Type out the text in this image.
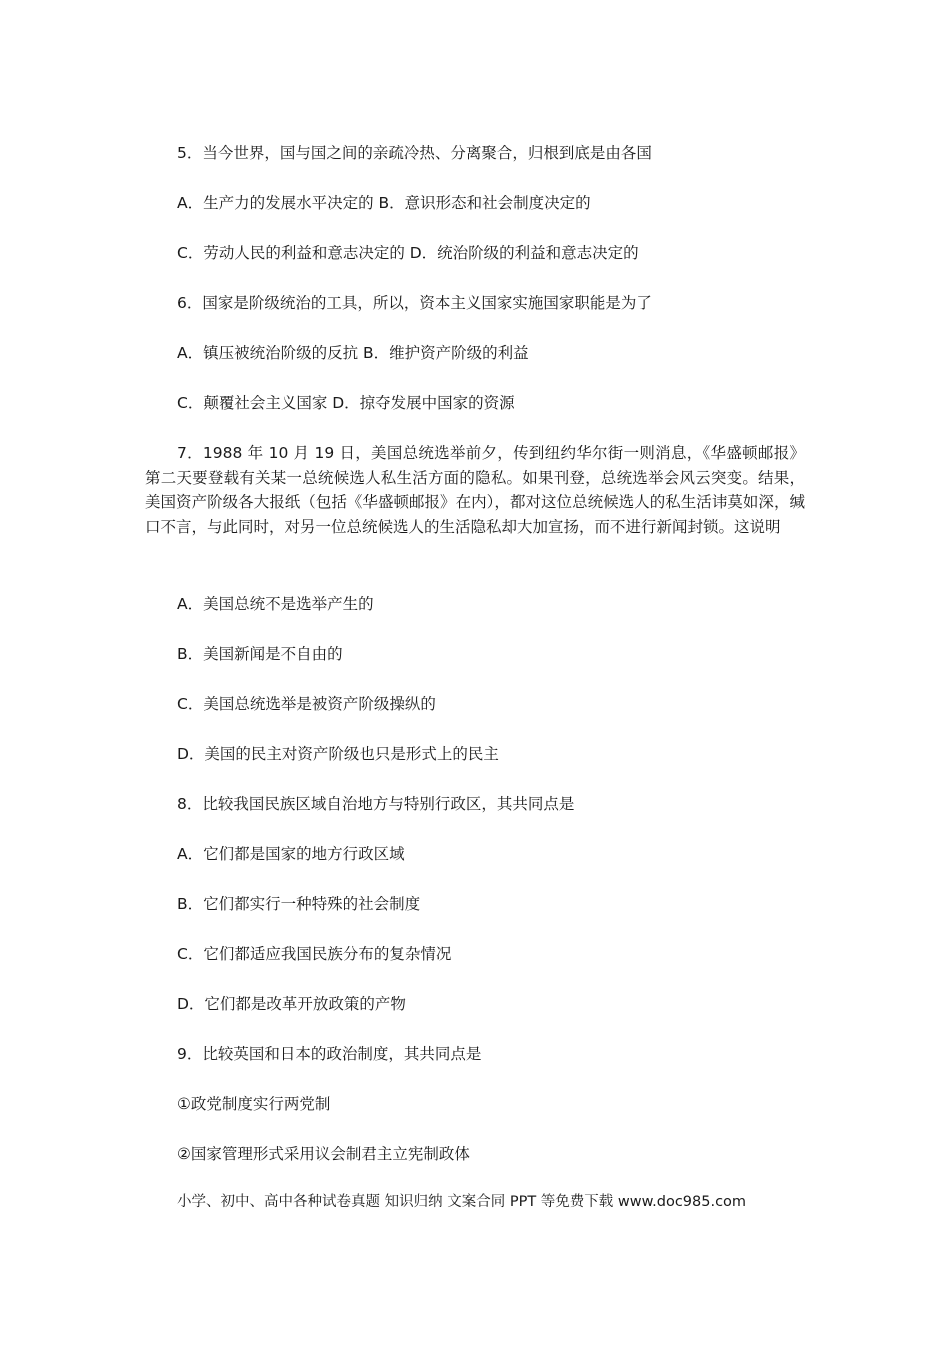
5．当今世界，国与国之间的亲疏冷热、分离聚合，归根到底是由各国
A．生产力的发展水平决定的 B．意识形态和社会制度决定的
C．劳动人民的利益和意志决定的 D．统治阶级的利益和意志决定的
6．国家是阶级统治的工具，所以，资本主义国家实施国家职能是为了
A．镇压被统治阶级的反抗 B．维护资产阶级的利益
C．颠覆社会主义国家 D．掠夺发展中国家的资源
7．1988 年 10 月 19 日，美国总统选举前夕，传到纽约华尔街一则消息，《华盛顿邮报》第二天要登载有关某一总统候选人私生活方面的隐私。如果刊登，总统选举会风云突变。结果，美国资产阶级各大报纸（包括《华盛顿邮报》在内），都对这位总统候选人的私生活讳莫如深，缄口不言，与此同时，对另一位总统候选人的生活隐私却大加宣扬，而不进行新闻封锁。这说明
A．美国总统不是选举产生的
B．美国新闻是不自由的
C．美国总统选举是被资产阶级操纵的
D．美国的民主对资产阶级也只是形式上的民主
8．比较我国民族区域自治地方与特别行政区，其共同点是
A．它们都是国家的地方行政区域
B．它们都实行一种特殊的社会制度
C．它们都适应我国民族分布的复杂情况
D．它们都是改革开放政策的产物
9．比较英国和日本的政治制度，其共同点是
①政党制度实行两党制
②国家管理形式采用议会制君主立宪制政体
小学、初中、高中各种试卷真题 知识归纳 文案合同 PPT 等免费下载 www.doc985.com
